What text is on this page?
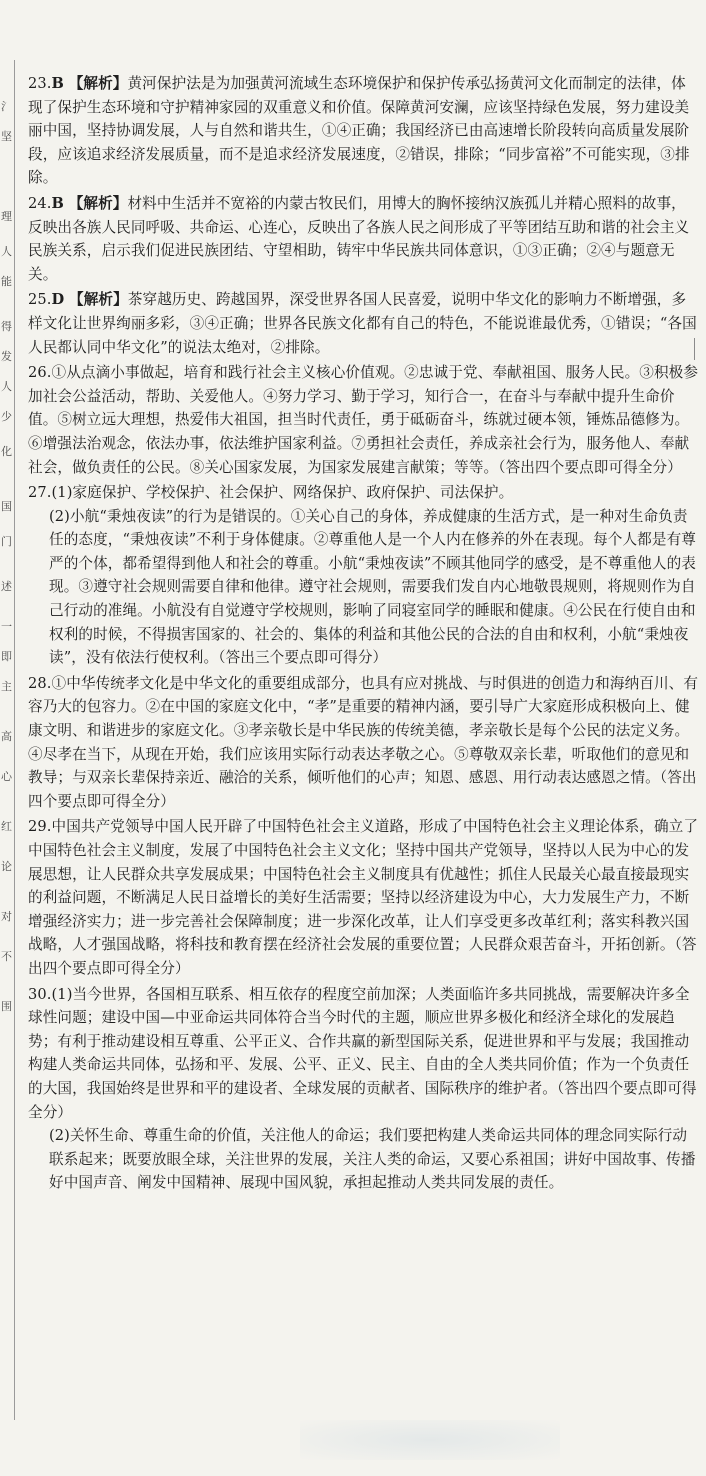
氵
坚
理
人
能
得
发
人
少
化
国
门
述
一
即
主
高
心
红
论
对
不
围

23.B 【解析】黄河保护法是为加强黄河流域生态环境保护和保护传承弘扬黄河文化而制定的法律，体现了保护生态环境和守护精神家园的双重意义和价值。保障黄河安澜，应该坚持绿色发展，努力建设美丽中国，坚持协调发展，人与自然和谐共生，①④正确；我国经济已由高速增长阶段转向高质量发展阶段，应该追求经济发展质量，而不是追求经济发展速度，②错误，排除；“同步富裕”不可能实现，③排除。

24.B 【解析】材料中生活并不宽裕的内蒙古牧民们，用博大的胸怀接纳汉族孤儿并精心照料的故事，反映出各族人民同呼吸、共命运、心连心，反映出了各族人民之间形成了平等团结互助和谐的社会主义民族关系，启示我们促进民族团结、守望相助，铸牢中华民族共同体意识，①③正确；②④与题意无关。

25.D 【解析】茶穿越历史、跨越国界，深受世界各国人民喜爱，说明中华文化的影响力不断增强，多样文化让世界绚丽多彩，③④正确；世界各民族文化都有自己的特色，不能说谁最优秀，①错误；“各国人民都认同中华文化”的说法太绝对，②排除。

26.①从点滴小事做起，培育和践行社会主义核心价值观。②忠诚于党、奉献祖国、服务人民。③积极参加社会公益活动，帮助、关爱他人。④努力学习、勤于学习，知行合一，在奋斗与奉献中提升生命价值。⑤树立远大理想，热爱伟大祖国，担当时代责任，勇于砥砺奋斗，练就过硬本领，锤炼品德修为。⑥增强法治观念，依法办事，依法维护国家利益。⑦勇担社会责任，养成亲社会行为，服务他人、奉献社会，做负责任的公民。⑧关心国家发展，为国家发展建言献策；等等。（答出四个要点即可得全分）

27.(1)家庭保护、学校保护、社会保护、网络保护、政府保护、司法保护。

(2)小航“秉烛夜读”的行为是错误的。①关心自己的身体，养成健康的生活方式，是一种对生命负责任的态度，“秉烛夜读”不利于身体健康。②尊重他人是一个人内在修养的外在表现。每个人都是有尊严的个体，都希望得到他人和社会的尊重。小航“秉烛夜读”不顾其他同学的感受，是不尊重他人的表现。③遵守社会规则需要自律和他律。遵守社会规则，需要我们发自内心地敬畏规则，将规则作为自己行动的准绳。小航没有自觉遵守学校规则，影响了同寝室同学的睡眠和健康。④公民在行使自由和权利的时候，不得损害国家的、社会的、集体的利益和其他公民的合法的自由和权利，小航“秉烛夜读”，没有依法行使权利。（答出三个要点即可得分）

28.①中华传统孝文化是中华文化的重要组成部分，也具有应对挑战、与时俱进的创造力和海纳百川、有容乃大的包容力。②在中国的家庭文化中，“孝”是重要的精神内涵，要引导广大家庭形成积极向上、健康文明、和谐进步的家庭文化。③孝亲敬长是中华民族的传统美德，孝亲敬长是每个公民的法定义务。④尽孝在当下，从现在开始，我们应该用实际行动表达孝敬之心。⑤尊敬双亲长辈，听取他们的意见和教导；与双亲长辈保持亲近、融洽的关系，倾听他们的心声；知恩、感恩、用行动表达感恩之情。（答出四个要点即可得全分）

29.中国共产党领导中国人民开辟了中国特色社会主义道路，形成了中国特色社会主义理论体系，确立了中国特色社会主义制度，发展了中国特色社会主义文化；坚持中国共产党领导，坚持以人民为中心的发展思想，让人民群众共享发展成果；中国特色社会主义制度具有优越性；抓住人民最关心最直接最现实的利益问题，不断满足人民日益增长的美好生活需要；坚持以经济建设为中心，大力发展生产力，不断增强经济实力；进一步完善社会保障制度；进一步深化改革，让人们享受更多改革红利；落实科教兴国战略，人才强国战略，将科技和教育摆在经济社会发展的重要位置；人民群众艰苦奋斗，开拓创新。（答出四个要点即可得全分）

30.(1)当今世界，各国相互联系、相互依存的程度空前加深；人类面临许多共同挑战，需要解决许多全球性问题；建设中国—中亚命运共同体符合当今时代的主题，顺应世界多极化和经济全球化的发展趋势；有利于推动建设相互尊重、公平正义、合作共赢的新型国际关系，促进世界和平与发展；我国推动构建人类命运共同体，弘扬和平、发展、公平、正义、民主、自由的全人类共同价值；作为一个负责任的大国，我国始终是世界和平的建设者、全球发展的贡献者、国际秩序的维护者。（答出四个要点即可得全分）

(2)关怀生命、尊重生命的价值，关注他人的命运；我们要把构建人类命运共同体的理念同实际行动联系起来；既要放眼全球，关注世界的发展，关注人类的命运，又要心系祖国；讲好中国故事、传播好中国声音、阐发中国精神、展现中国风貌，承担起推动人类共同发展的责任。
